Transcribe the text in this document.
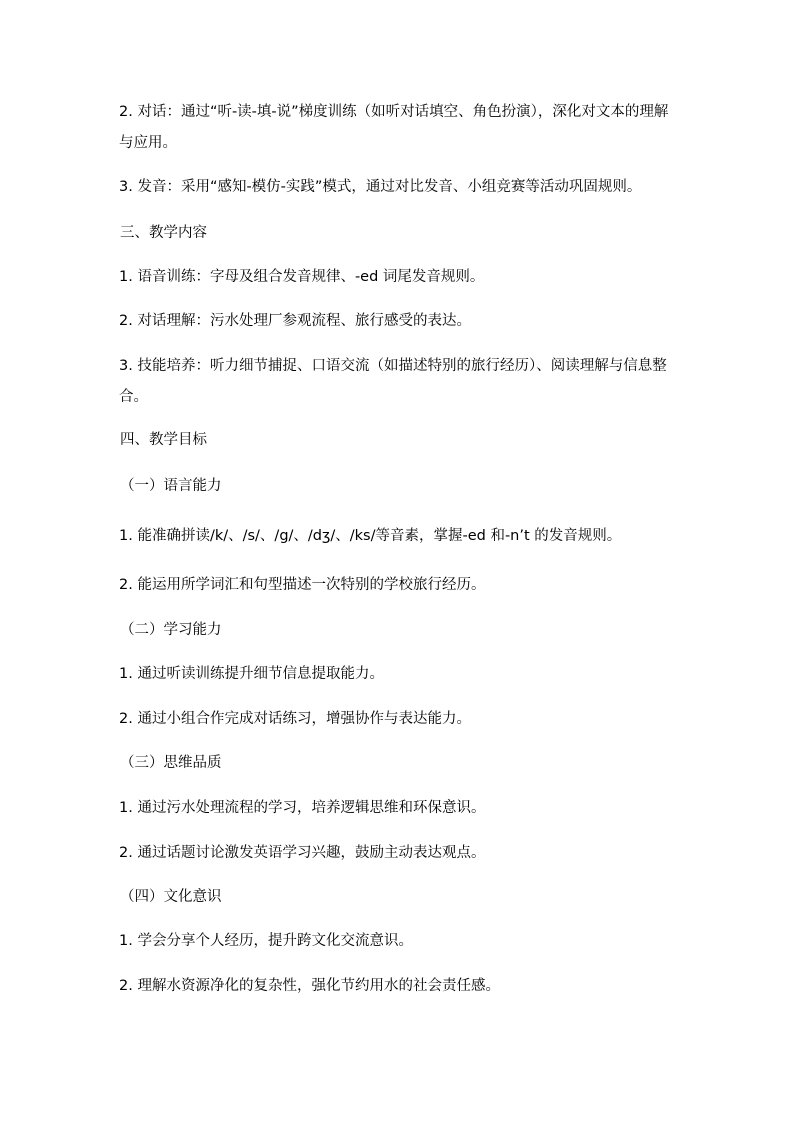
2. 对话：通过“听-读-填-说”梯度训练（如听对话填空、角色扮演），深化对文本的理解
与应用。
3. 发音：采用“感知-模仿-实践”模式，通过对比发音、小组竞赛等活动巩固规则。
三、教学内容
1. 语音训练：字母及组合发音规律、-ed 词尾发音规则。
2. 对话理解：污水处理厂参观流程、旅行感受的表达。
3. 技能培养：听力细节捕捉、口语交流（如描述特别的旅行经历）、阅读理解与信息整
合。
四、教学目标
（一）语言能力
1. 能准确拼读/k/、/s/、/g/、/dʒ/、/ks/等音素，掌握-ed 和-n’t 的发音规则。
2. 能运用所学词汇和句型描述一次特别的学校旅行经历。
（二）学习能力
1. 通过听读训练提升细节信息提取能力。
2. 通过小组合作完成对话练习，增强协作与表达能力。
（三）思维品质
1. 通过污水处理流程的学习，培养逻辑思维和环保意识。
2. 通过话题讨论激发英语学习兴趣，鼓励主动表达观点。
（四）文化意识
1. 学会分享个人经历，提升跨文化交流意识。
2. 理解水资源净化的复杂性，强化节约用水的社会责任感。
